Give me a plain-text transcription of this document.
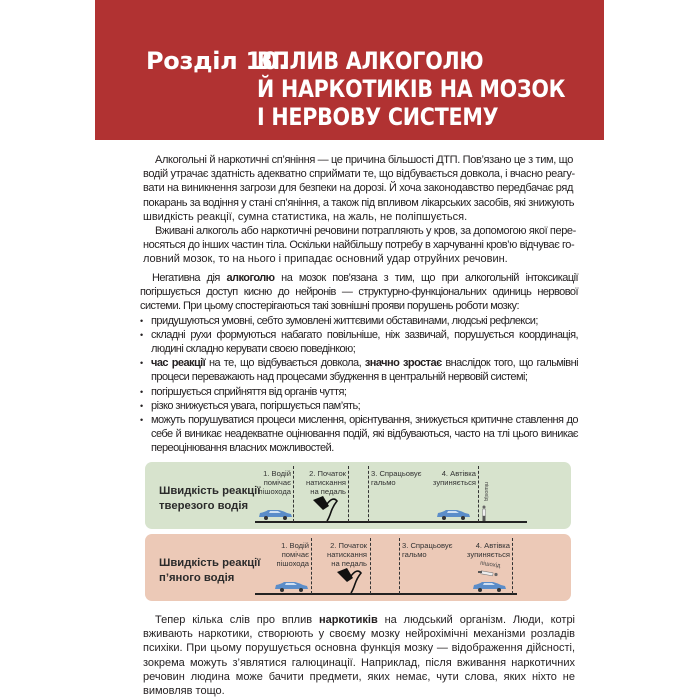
Розділ 10.ВПЛИВ АЛКОГОЛЮ
Й НАРКОТИКІВ НА МОЗОК
І НЕРВОВУ СИСТЕМУ

Алкогольні й наркотичні сп’яніння — це причина більшості ДТП. Пов’язано це з тим, що
водій утрачає здатність адекватно сприймати те, що відбувається довкола, і вчасно реагу-
вати на виникнення загрози для безпеки на дорозі. Й хоча законодавство передбачає ряд
покарань за водіння у стані сп’яніння, а також під впливом лікарських засобів, які знижують
швидкість реакції, сумна статистика, на жаль, не поліпшується.

Вживані алкоголь або наркотичні речовини потрапляють у кров, за допомогою якої пере-
носяться до інших частин тіла. Оскільки найбільшу потребу в харчуванні кров’ю відчуває го-
ловний мозок, то на нього і припадає основний удар отруйних речовин.

Негативна дія алкоголю на мозок пов’язана з тим, що при алкогольній інтоксикації погіршується доступ кисню до нейронів — структурно-функціональних одиниць нервової системи. При цьому спостерігаються такі зовнішні прояви порушень роботи мозку:

• придушуються умовні, себто зумовлені життєвими обставинами, людські рефлекси;
• складні рухи формуються набагато повільніше, ніж зазвичай, порушується координація, людині складно керувати своєю поведінкою;
• час реакції на те, що відбувається довкола, значно зростає внаслідок того, що гальмівні процеси переважають над процесами збудження в центральній нервовій системі;
• погіршується сприйняття від органів чуття;
• різко знижується увага, погіршується пам’ять;
• можуть порушуватися процеси мислення, орієнтування, знижується критичне ставлення до себе й виникає неадекватне оцінювання подій, які відбуваються, часто на тлі цього виникає переоцінювання власних можливостей.
Швидкість реакції
тверезого водія
1. Водій
помічає
пішохода
2. Початок
натискання
на педаль
3. Спрацьовує
гальмо
4. Автівка
зупиняється пішохід
Швидкість реакції
п’яного водія
1. Водій
помічає
пішохода
2. Початок
натискання
на педаль
3. Спрацьовує
гальмо
4. Автівка
зупиняється
пішохід

Тепер кілька слів про вплив наркотиків на людський організм. Люди, котрі вживають наркотики, створюють у своєму мозку нейрохімічні механізми розладів психіки. При цьому порушується основна функція мозку — відображення дійсності, зокрема можуть з’являтися галюцинації. Наприклад, після вживання наркотичних речовин людина може бачити предмети, яких немає, чути слова, яких ніхто не вимовляв тощо.
